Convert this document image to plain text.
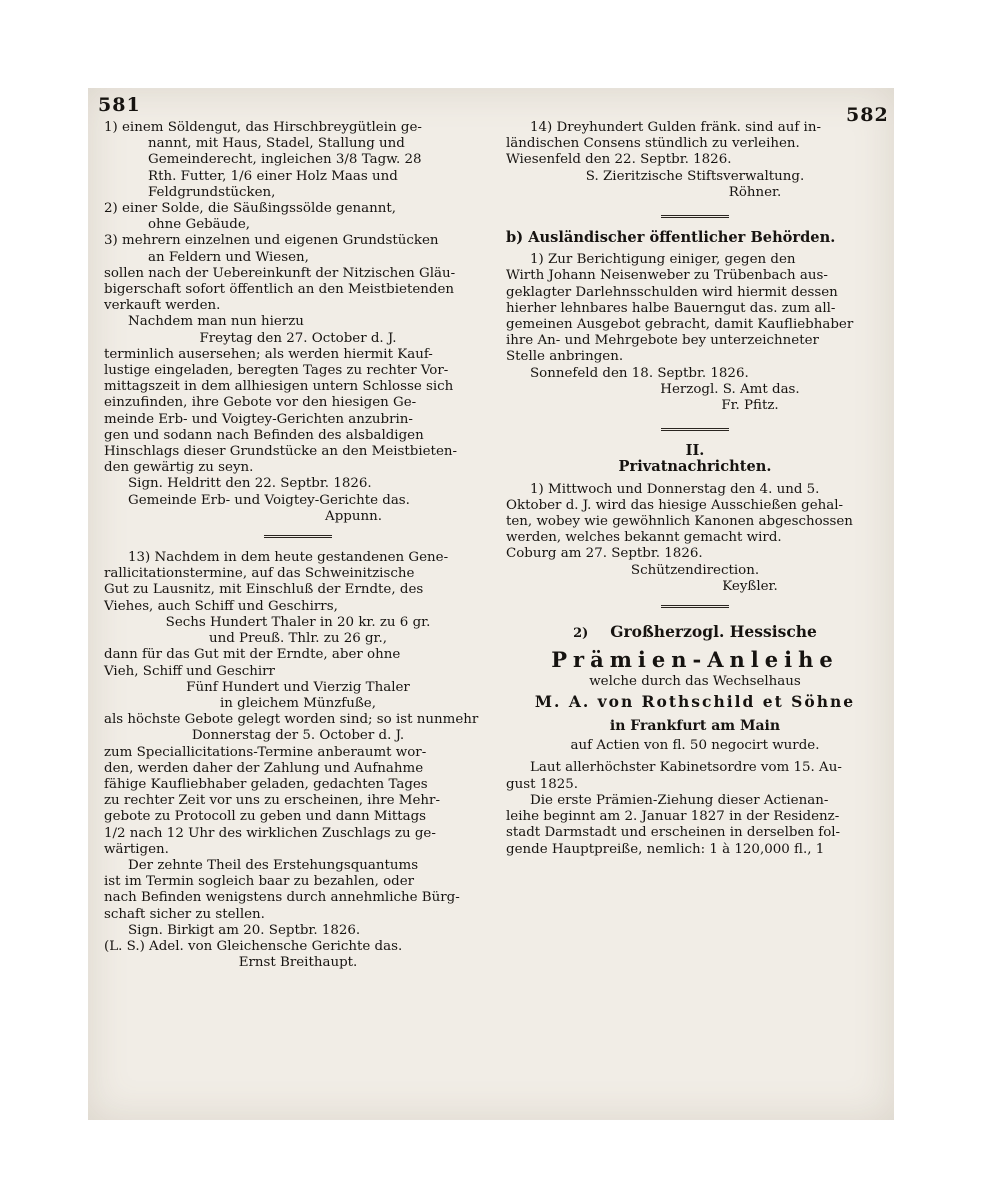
581	582

1) einem Söldengut, das Hirschbreygütlein ge-

nannt, mit Haus, Stadel, Stallung und

Gemeinderecht, ingleichen 3/8 Tagw. 28

Rth. Futter, 1/6 einer Holz Maas und

Feldgrundstücken,

2) einer Solde, die Säußingssölde genannt,

ohne Gebäude,

3) mehrern einzelnen und eigenen Grundstücken

an Feldern und Wiesen,

sollen nach der Uebereinkunft der Nitzischen Gläu-

bigerschaft sofort öffentlich an den Meistbietenden

verkauft werden.

Nachdem man nun hierzu

Freytag den 27. October d. J.

terminlich ausersehen; als werden hiermit Kauf-

lustige eingeladen, beregten Tages zu rechter Vor-

mittagszeit in dem allhiesigen untern Schlosse sich

einzufinden, ihre Gebote vor den hiesigen Ge-

meinde Erb- und Voigtey-Gerichten anzubrin-

gen und sodann nach Befinden des alsbaldigen

Hinschlags dieser Grundstücke an den Meistbieten-

den gewärtig zu seyn.

Sign. Heldritt den 22. Septbr. 1826.

Gemeinde Erb- und Voigtey-Gerichte das.

Appunn.

13) Nachdem in dem heute gestandenen Gene-

rallicitationstermine, auf das Schweinitzische

Gut zu Lausnitz, mit Einschluß der Erndte, des

Viehes, auch Schiff und Geschirrs,

Sechs Hundert Thaler in 20 kr. zu 6 gr.

und Preuß. Thlr. zu 26 gr.,

dann für das Gut mit der Erndte, aber ohne

Vieh, Schiff und Geschirr

Fünf Hundert und Vierzig Thaler

in gleichem Münzfuße,

als höchste Gebote gelegt worden sind; so ist nunmehr

Donnerstag der 5. October d. J.

zum Speciallicitations-Termine anberaumt wor-

den, werden daher der Zahlung und Aufnahme

fähige Kaufliebhaber geladen, gedachten Tages

zu rechter Zeit vor uns zu erscheinen, ihre Mehr-

gebote zu Protocoll zu geben und dann Mittags

1/2 nach 12 Uhr des wirklichen Zuschlags zu ge-

wärtigen.

Der zehnte Theil des Erstehungsquantums

ist im Termin sogleich baar zu bezahlen, oder

nach Befinden wenigstens durch annehmliche Bürg-

schaft sicher zu stellen.

Sign. Birkigt am 20. Septbr. 1826.

(L. S.) Adel. von Gleichensche Gerichte das.

Ernst Breithaupt.

14) Dreyhundert Gulden fränk. sind auf in-

ländischen Consens stündlich zu verleihen.

Wiesenfeld den 22. Septbr. 1826.

S. Zieritzische Stiftsverwaltung.

Röhner.

b) Ausländischer öffentlicher Behörden.

1) Zur Berichtigung einiger, gegen den

Wirth Johann Neisenweber zu Trübenbach aus-

geklagter Darlehnsschulden wird hiermit dessen

hierher lehnbares halbe Bauerngut das. zum all-

gemeinen Ausgebot gebracht, damit Kaufliebhaber

ihre An- und Mehrgebote bey unterzeichneter

Stelle anbringen.

Sonnefeld den 18. Septbr. 1826.

Herzogl. S. Amt das.

Fr. Pfitz.

II.

Privatnachrichten.

1) Mittwoch und Donnerstag den 4. und 5.

Oktober d. J. wird das hiesige Ausschießen gehal-

ten, wobey wie gewöhnlich Kanonen abgeschossen

werden, welches bekannt gemacht wird.

Coburg am 27. Septbr. 1826.

Schützendirection.

Keyßler.

2) Großherzogl. Hessische

Prämien-Anleihe

welche durch das Wechselhaus

M. A. von Rothschild et Söhne

in Frankfurt am Main

auf Actien von fl. 50 negocirt wurde.

Laut allerhöchster Kabinetsordre vom 15. Au-

gust 1825.

Die erste Prämien-Ziehung dieser Actienan-

leihe beginnt am 2. Januar 1827 in der Residenz-

stadt Darmstadt und erscheinen in derselben fol-

gende Hauptpreiße, nemlich: 1 à 120,000 fl., 1
